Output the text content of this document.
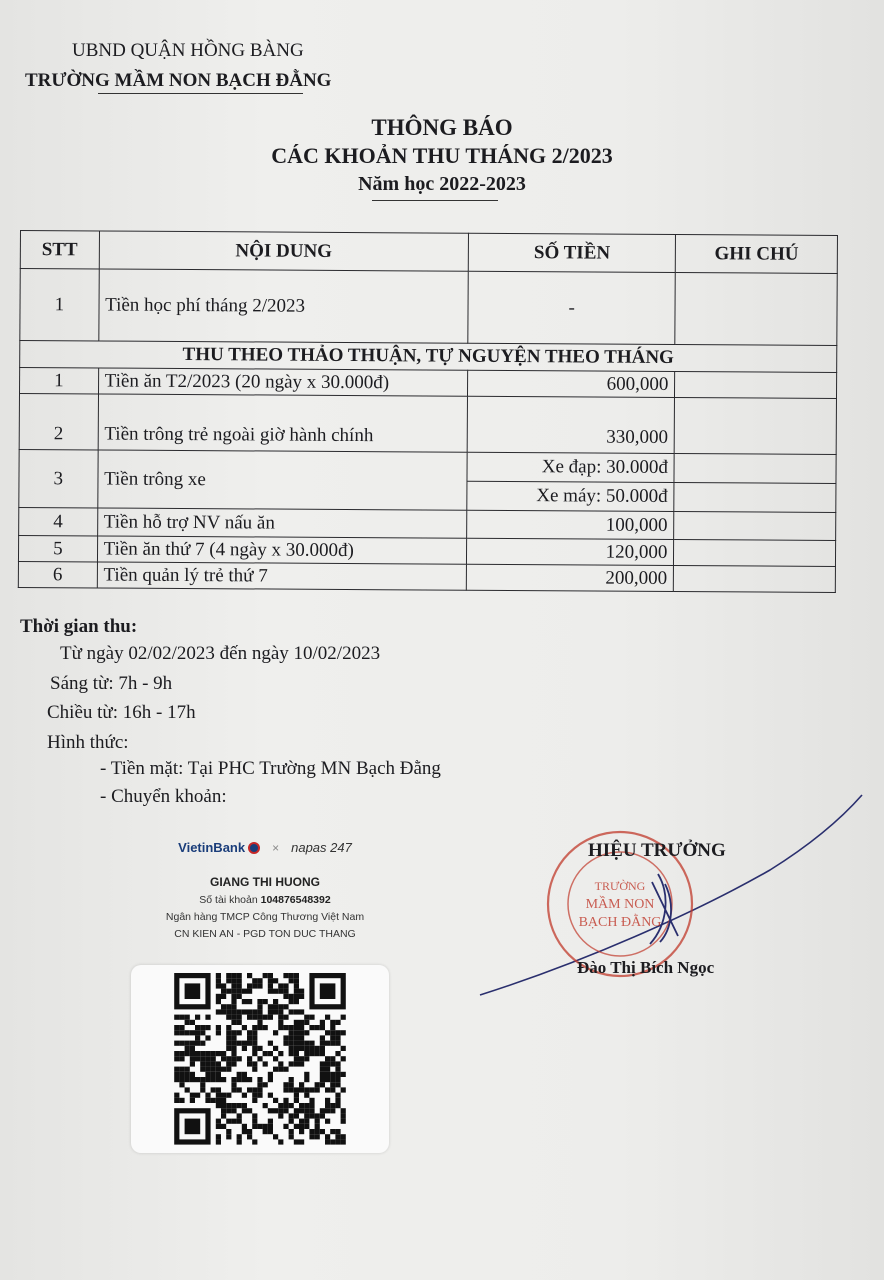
UBND QUẬN HỒNG BÀNG
TRƯỜNG MẦM NON BẠCH ĐẰNG
THÔNG BÁO
CÁC KHOẢN THU THÁNG 2/2023
Năm học 2022-2023
STT	NỘI DUNG	SỐ TIỀN	GHI CHÚ
1	Tiền học phí tháng 2/2023	-	
THU THEO THẢO THUẬN, TỰ NGUYỆN THEO THÁNG			
1	Tiền ăn T2/2023 (20 ngày x 30.000đ)	600,000	
2	Tiền trông trẻ ngoài giờ hành chính	330,000	
3	Tiền trông xe	Xe đạp: 30.000đ
Xe máy: 50.000đ	

4	Tiền hỗ trợ NV nấu ăn	100,000	
5	Tiền ăn thứ 7 (4 ngày x 30.000đ)	120,000	
6	Tiền quản lý trẻ thứ 7	200,000	
Thời gian thu:
Từ ngày 02/02/2023 đến ngày 10/02/2023
Sáng từ: 7h - 9h
Chiều từ: 16h - 17h
Hình thức:
- Tiền mặt: Tại PHC Trường MN Bạch Đằng
- Chuyển khoản:
VietinBank × napas 247
GIANG THI HUONG
Số tài khoản 104876548392
Ngân hàng TMCP Công Thương Việt Nam
CN KIEN AN - PGD TON DUC THANG
TRƯỜNG
MẦM NON
BẠCH ĐẰNG
HIỆU TRƯỞNG
Đào Thị Bích Ngọc
